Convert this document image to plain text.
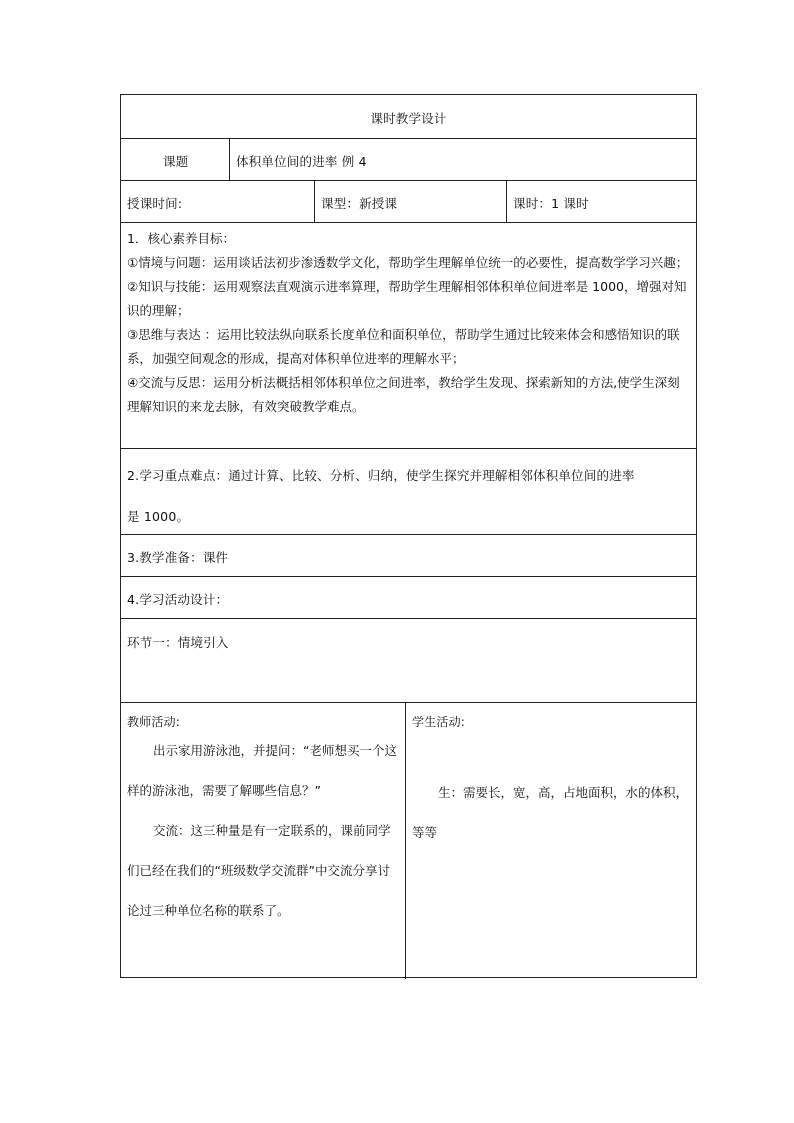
课时教学设计
课题	体积单位间的进率 例 4
授课时间:	课型：新授课	课时：1 课时

1．核心素养目标：

①情境与问题：运用谈话法初步渗透数学文化，帮助学生理解单位统一的必要性，提高数学学习兴趣；

②知识与技能：运用观察法直观演示进率算理，帮助学生理解相邻体积单位间进率是 1000，增强对知识的理解；

③思维与表达 ：运用比较法纵向联系长度单位和面积单位，帮助学生通过比较来体会和感悟知识的联系，加强空间观念的形成，提高对体积单位进率的理解水平；

④交流与反思：运用分析法概括相邻体积单位之间进率，教给学生发现、探索新知的方法,使学生深刻理解知识的来龙去脉，有效突破教学难点。

2.学习重点难点：通过计算、比较、分析、归纳，使学生探究并理解相邻体积单位间的进率
是 1000。
3.教学准备：课件
4.学习活动设计：
环节一：情境引入
教师活动:

出示家用游泳池，并提问：“老师想买一个这样的游泳池，需要了解哪些信息？”

交流：这三种量是有一定联系的，课前同学们已经在我们的“班级数学交流群”中交流分享讨论过三种单位名称的联系了。

学生活动:

生：需要长，宽，高，占地面积，水的体积，等等
